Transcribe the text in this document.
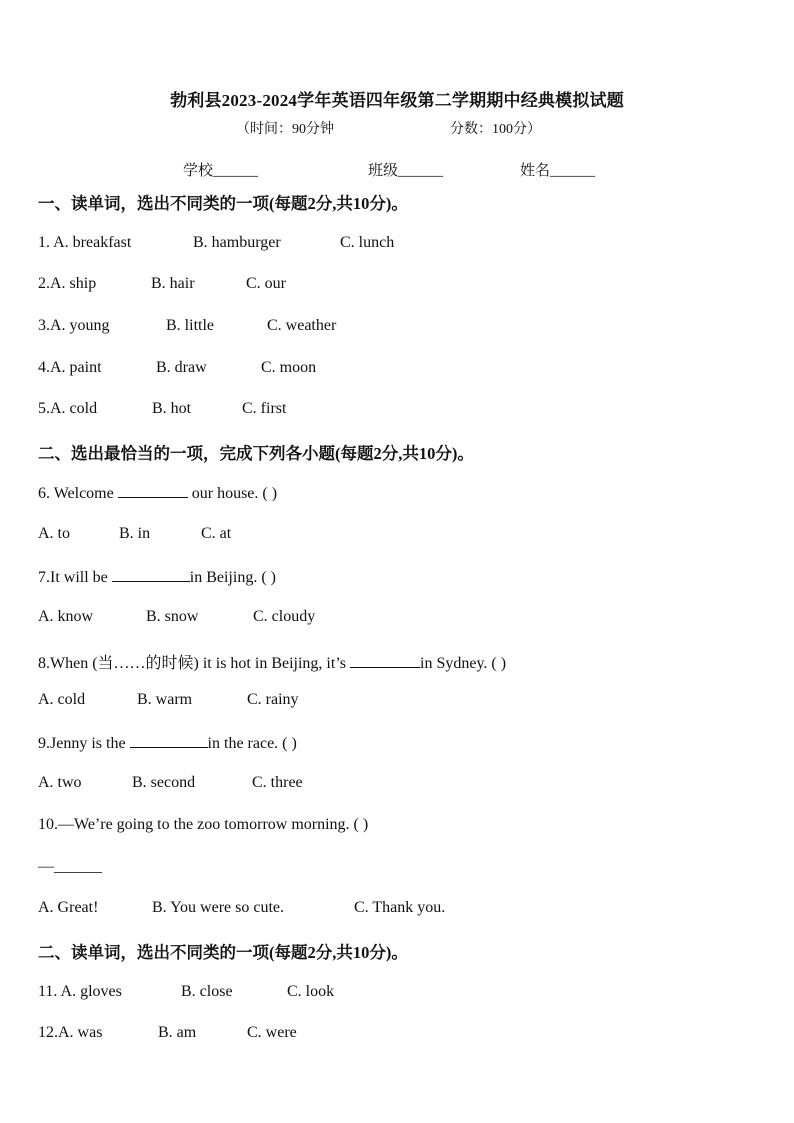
勃利县2023-2024学年英语四年级第二学期期中经典模拟试题
（时间：90分钟	分数：100分）
学校______	班级______	姓名______
一、读单词，选出不同类的一项(每题2分,共10分)。
1. A. breakfast	B. hamburger	C. lunch
2.A. ship	B. hair	C. our
3.A. young	B. little	C. weather
4.A. paint	B. draw	C. moon
5.A. cold	B. hot	C. first
二、选出最恰当的一项，完成下列各小题(每题2分,共10分)。
6. Welcome	our house. ( )
A. to	B. in	C. at
7.It will be	in Beijing. ( )
A. know	B. snow	C. cloudy
8.When (当……的时候) it is hot in Beijing, it’s	in Sydney. ( )
A. cold	B. warm	C. rainy
9.Jenny is the	in the race. ( )
A. two	B. second	C. three
10.—We’re going to the zoo tomorrow morning. ( )
—______
A. Great!	B. You were so cute.	C. Thank you.
二、读单词，选出不同类的一项(每题2分,共10分)。
11. A. gloves	B. close	C. look
12.A. was	B. am	C. were
